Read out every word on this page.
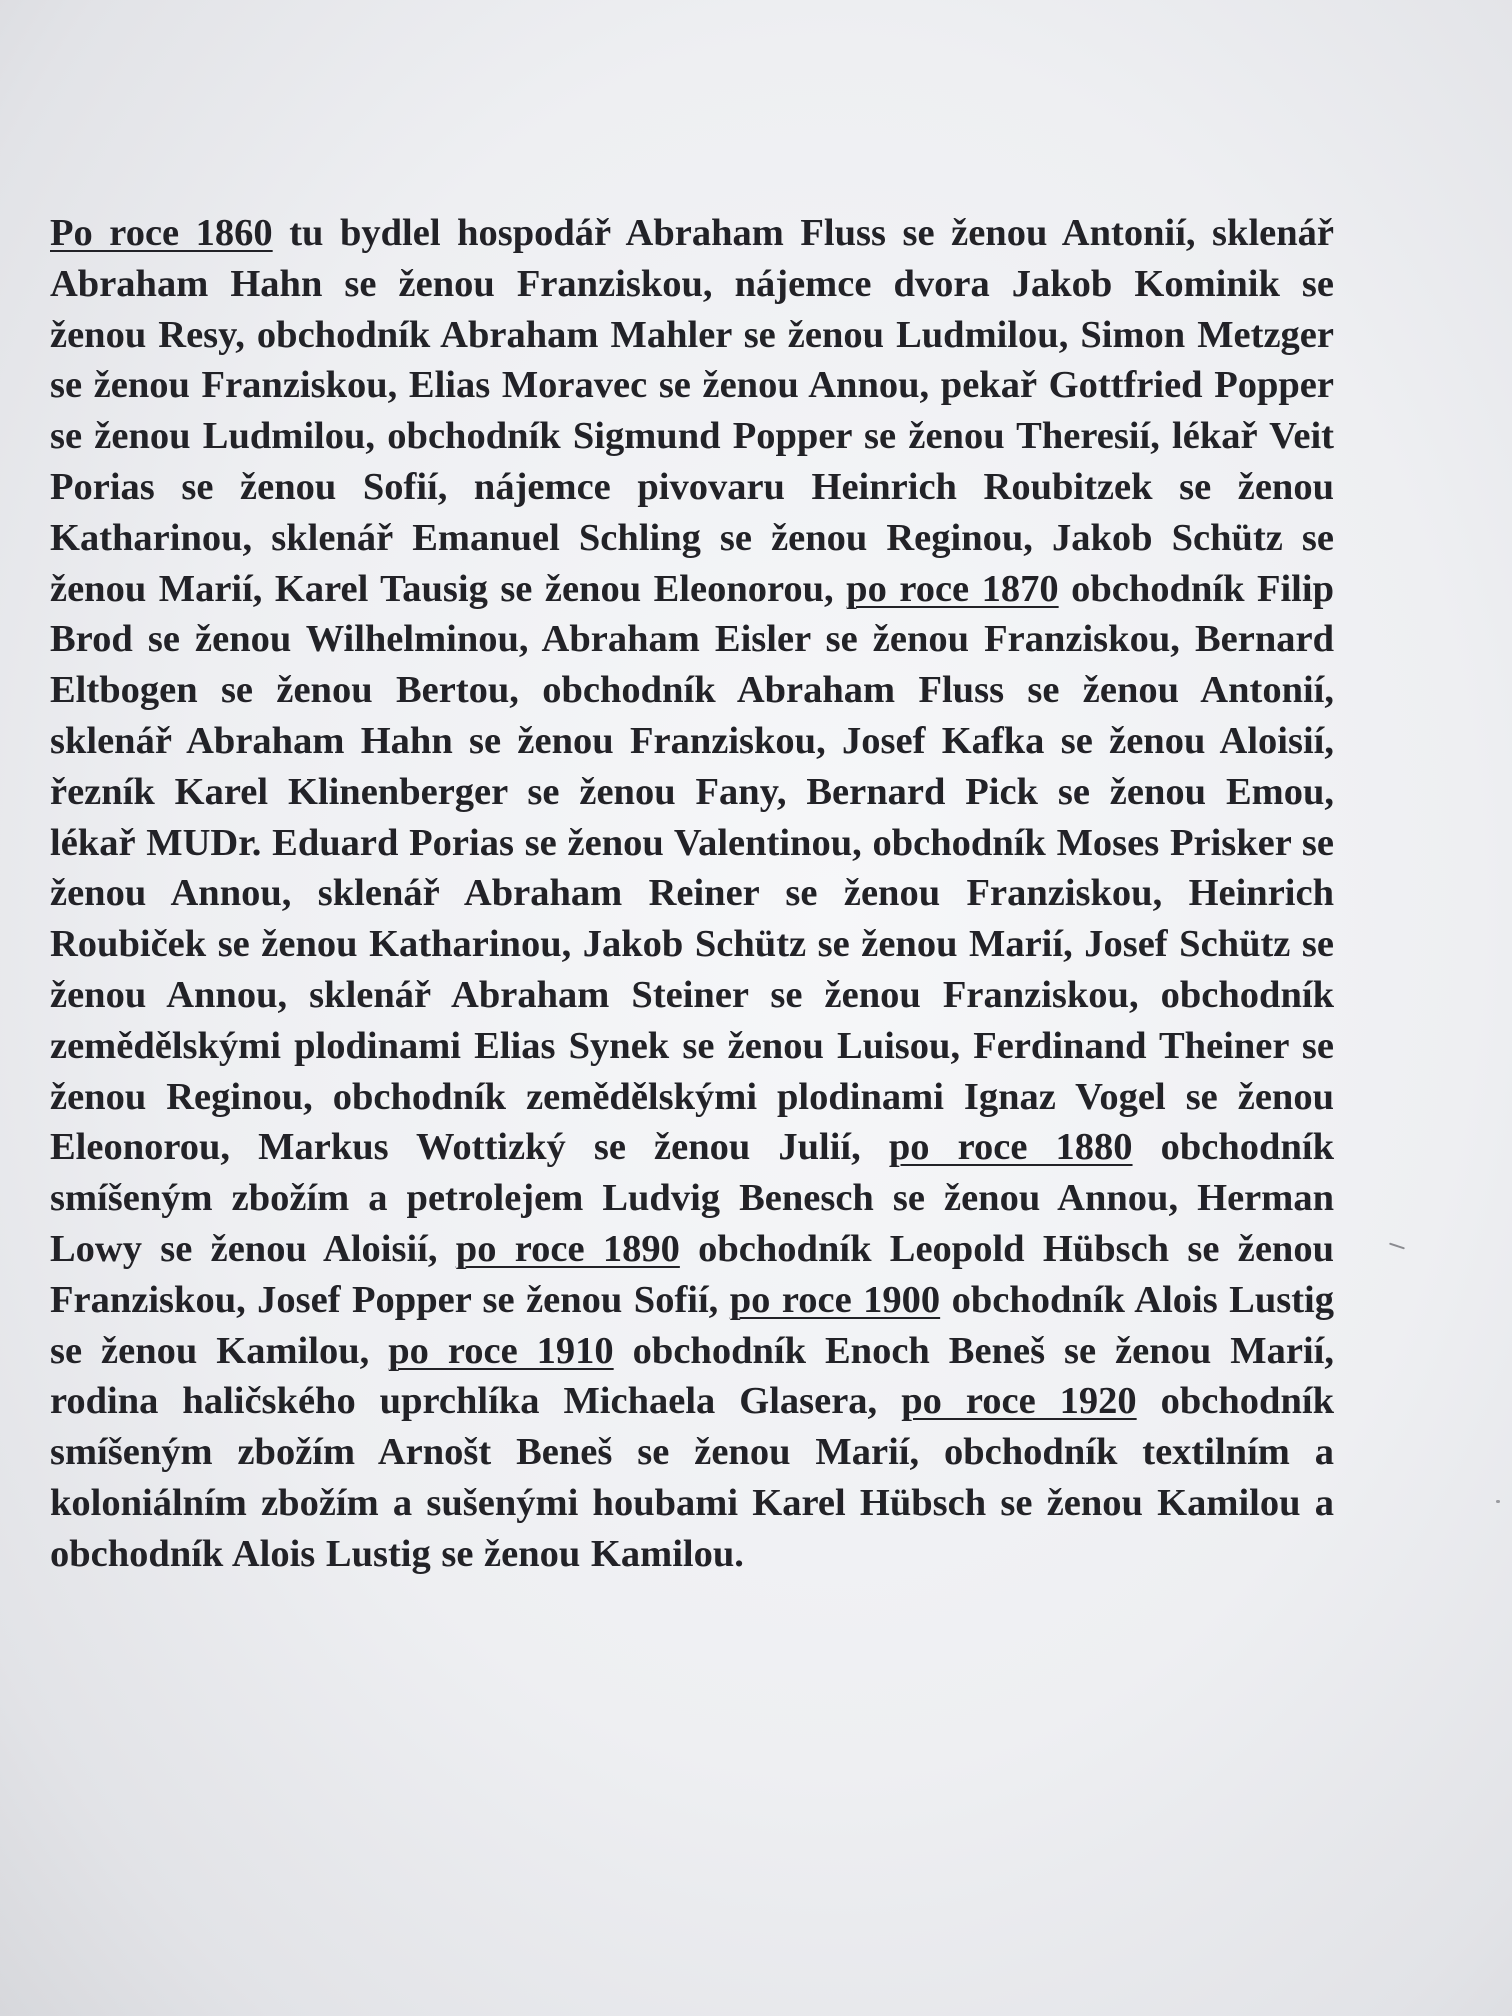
Po roce 1860 tu bydlel hospodář Abraham Fluss se ženou Antonií, sklenář Abraham Hahn se ženou Franziskou, nájemce dvora Jakob Kominik se ženou Resy, obchodník Abraham Mahler se ženou Ludmilou, Simon Metzger se ženou Franziskou, Elias Moravec se ženou Annou, pekař Gottfried Popper se ženou Ludmilou, obchodník Sigmund Popper se ženou Theresií, lékař Veit Porias se ženou Sofií, nájemce pivovaru Heinrich Roubitzek se ženou Katharinou, sklenář Emanuel Schling se ženou Reginou, Jakob Schütz se ženou Marií, Karel Tausig se ženou Eleonorou, po roce 1870 obchodník Filip Brod se ženou Wilhelminou, Abraham Eisler se ženou Franziskou, Bernard Eltbogen se ženou Bertou, obchodník Abraham Fluss se ženou Antonií, sklenář Abraham Hahn se ženou Franziskou, Josef Kafka se ženou Aloisií, řezník Karel Klinenberger se ženou Fany, Bernard Pick se ženou Emou, lékař MUDr. Eduard Porias se ženou Valentinou, obchodník Moses Prisker se ženou Annou, sklenář Abraham Reiner se ženou Franziskou, Heinrich Roubiček se ženou Katharinou, Jakob Schütz se ženou Marií, Josef Schütz se ženou Annou, sklenář Abraham Steiner se ženou Franziskou, obchodník zemědělskými plodinami Elias Synek se ženou Luisou, Ferdinand Theiner se ženou Reginou, obchodník zemědělskými plodinami Ignaz Vogel se ženou Eleonorou, Markus Wottizký se ženou Julií, po roce 1880 obchodník smíšeným zbožím a petrolejem Ludvig Benesch se ženou Annou, Herman Lowy se ženou Aloisií, po roce 1890 obchodník Leopold Hübsch se ženou Franziskou, Josef Popper se ženou Sofií, po roce 1900 obchodník Alois Lustig se ženou Kamilou, po roce 1910 obchodník Enoch Beneš se ženou Marií, rodina haličského uprchlíka Michaela Glasera, po roce 1920 obchodník smíšeným zbožím Arnošt Beneš se ženou Marií, obchodník textilním a koloniálním zbožím a sušenými houbami Karel Hübsch se ženou Kamilou a obchodník Alois Lustig se ženou Kamilou.
